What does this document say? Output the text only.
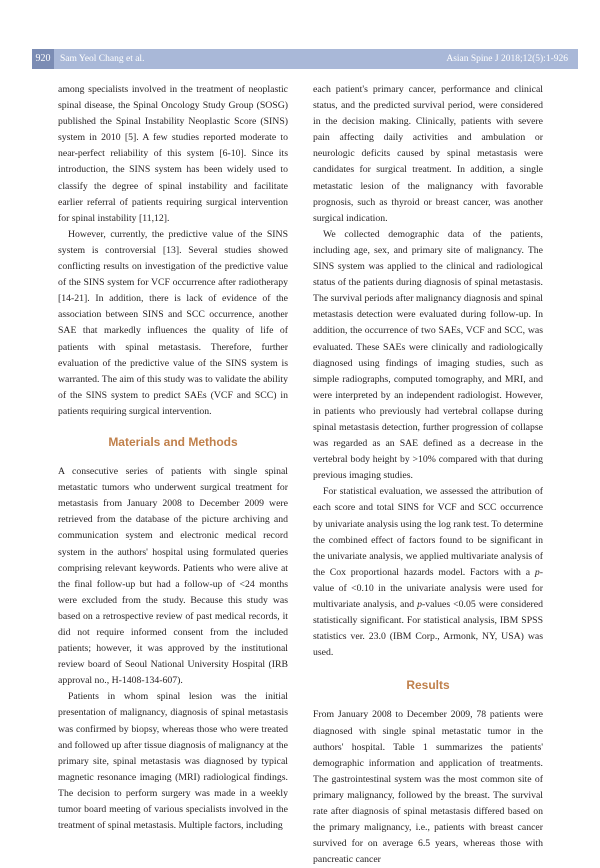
920	Sam Yeol Chang et al.	Asian Spine J 2018;12(5):1-926

among specialists involved in the treatment of neoplastic spinal disease, the Spinal Oncology Study Group (SOSG) published the Spinal Instability Neoplastic Score (SINS) system in 2010 [5]. A few studies reported moderate to near-perfect reliability of this system [6-10]. Since its introduction, the SINS system has been widely used to classify the degree of spinal instability and facilitate earlier referral of patients requiring surgical intervention for spinal instability [11,12].

However, currently, the predictive value of the SINS system is controversial [13]. Several studies showed conflicting results on investigation of the predictive value of the SINS system for VCF occurrence after radiotherapy [14-21]. In addition, there is lack of evidence of the association between SINS and SCC occurrence, another SAE that markedly influences the quality of life of patients with spinal metastasis. Therefore, further evaluation of the predictive value of the SINS system is warranted. The aim of this study was to validate the ability of the SINS system to predict SAEs (VCF and SCC) in patients requiring surgical intervention.

Materials and Methods

A consecutive series of patients with single spinal metastatic tumors who underwent surgical treatment for metastasis from January 2008 to December 2009 were retrieved from the database of the picture archiving and communication system and electronic medical record system in the authors' hospital using formulated queries comprising relevant keywords. Patients who were alive at the final follow-up but had a follow-up of <24 months were excluded from the study. Because this study was based on a retrospective review of past medical records, it did not require informed consent from the included patients; however, it was approved by the institutional review board of Seoul National University Hospital (IRB approval no., H-1408-134-607).

Patients in whom spinal lesion was the initial presentation of malignancy, diagnosis of spinal metastasis was confirmed by biopsy, whereas those who were treated and followed up after tissue diagnosis of malignancy at the primary site, spinal metastasis was diagnosed by typical magnetic resonance imaging (MRI) radiological findings. The decision to perform surgery was made in a weekly tumor board meeting of various specialists involved in the treatment of spinal metastasis. Multiple factors, including

each patient's primary cancer, performance and clinical status, and the predicted survival period, were considered in the decision making. Clinically, patients with severe pain affecting daily activities and ambulation or neurologic deficits caused by spinal metastasis were candidates for surgical treatment. In addition, a single metastatic lesion of the malignancy with favorable prognosis, such as thyroid or breast cancer, was another surgical indication.

We collected demographic data of the patients, including age, sex, and primary site of malignancy. The SINS system was applied to the clinical and radiological status of the patients during diagnosis of spinal metastasis. The survival periods after malignancy diagnosis and spinal metastasis detection were evaluated during follow-up. In addition, the occurrence of two SAEs, VCF and SCC, was evaluated. These SAEs were clinically and radiologically diagnosed using findings of imaging studies, such as simple radiographs, computed tomography, and MRI, and were interpreted by an independent radiologist. However, in patients who previously had vertebral collapse during spinal metastasis detection, further progression of collapse was regarded as an SAE defined as a decrease in the vertebral body height by >10% compared with that during previous imaging studies.

For statistical evaluation, we assessed the attribution of each score and total SINS for VCF and SCC occurrence by univariate analysis using the log rank test. To determine the combined effect of factors found to be significant in the univariate analysis, we applied multivariate analysis of the Cox proportional hazards model. Factors with a p-value of <0.10 in the univariate analysis were used for multivariate analysis, and p-values <0.05 were considered statistically significant. For statistical analysis, IBM SPSS statistics ver. 23.0 (IBM Corp., Armonk, NY, USA) was used.

Results

From January 2008 to December 2009, 78 patients were diagnosed with single spinal metastatic tumor in the authors' hospital. Table 1 summarizes the patients' demographic information and application of treatments. The gastrointestinal system was the most common site of primary malignancy, followed by the breast. The survival rate after diagnosis of spinal metastasis differed based on the primary malignancy, i.e., patients with breast cancer survived for on average 6.5 years, whereas those with pancreatic cancer
